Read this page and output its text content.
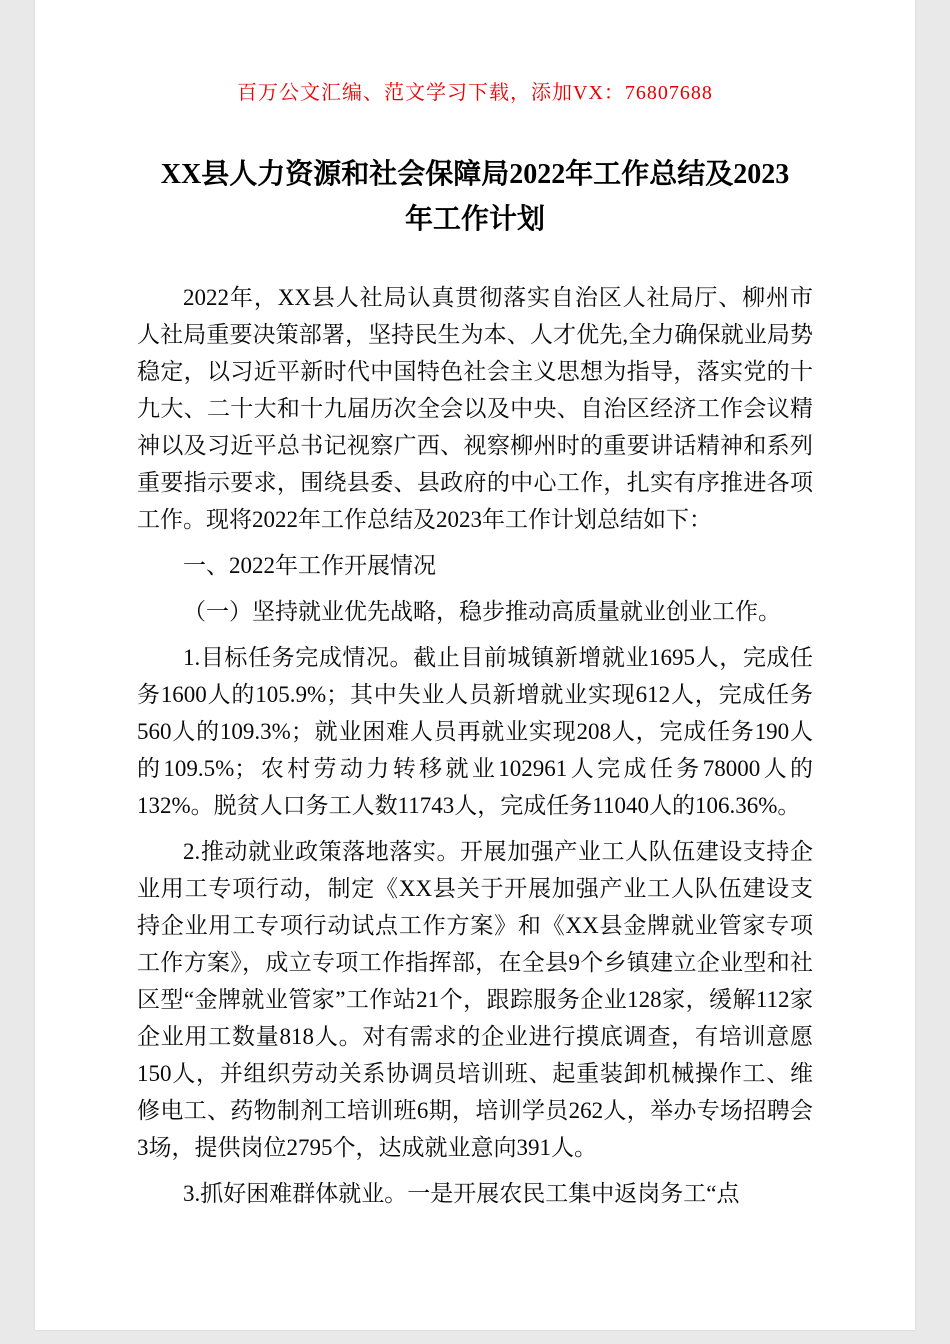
百万公文汇编、范文学习下载，添加VX：76807688
XX县人力资源和社会保障局2022年工作总结及2023年工作计划

2022年，XX县人社局认真贯彻落实自治区人社局厅、柳州市人社局重要决策部署，坚持民生为本、人才优先,全力确保就业局势稳定，以习近平新时代中国特色社会主义思想为指导，落实党的十九大、二十大和十九届历次全会以及中央、自治区经济工作会议精神以及习近平总书记视察广西、视察柳州时的重要讲话精神和系列重要指示要求，围绕县委、县政府的中心工作，扎实有序推进各项工作。现将2022年工作总结及2023年工作计划总结如下：

一、2022年工作开展情况

（一）坚持就业优先战略，稳步推动高质量就业创业工作。

1.目标任务完成情况。截止目前城镇新增就业1695人，完成任务1600人的105.9%；其中失业人员新增就业实现612人，完成任务560人的109.3%；就业困难人员再就业实现208人，完成任务190人的109.5%；农村劳动力转移就业102961人完成任务78000人的132%。脱贫人口务工人数11743人，完成任务11040人的106.36%。

2.推动就业政策落地落实。开展加强产业工人队伍建设支持企业用工专项行动，制定《XX县关于开展加强产业工人队伍建设支持企业用工专项行动试点工作方案》和《XX县金牌就业管家专项工作方案》，成立专项工作指挥部，在全县9个乡镇建立企业型和社区型“金牌就业管家”工作站21个，跟踪服务企业128家，缓解112家企业用工数量818人。对有需求的企业进行摸底调查，有培训意愿150人，并组织劳动关系协调员培训班、起重装卸机械操作工、维修电工、药物制剂工培训班6期，培训学员262人，举办专场招聘会3场，提供岗位2795个，达成就业意向391人。

3.抓好困难群体就业。一是开展农民工集中返岗务工“点
